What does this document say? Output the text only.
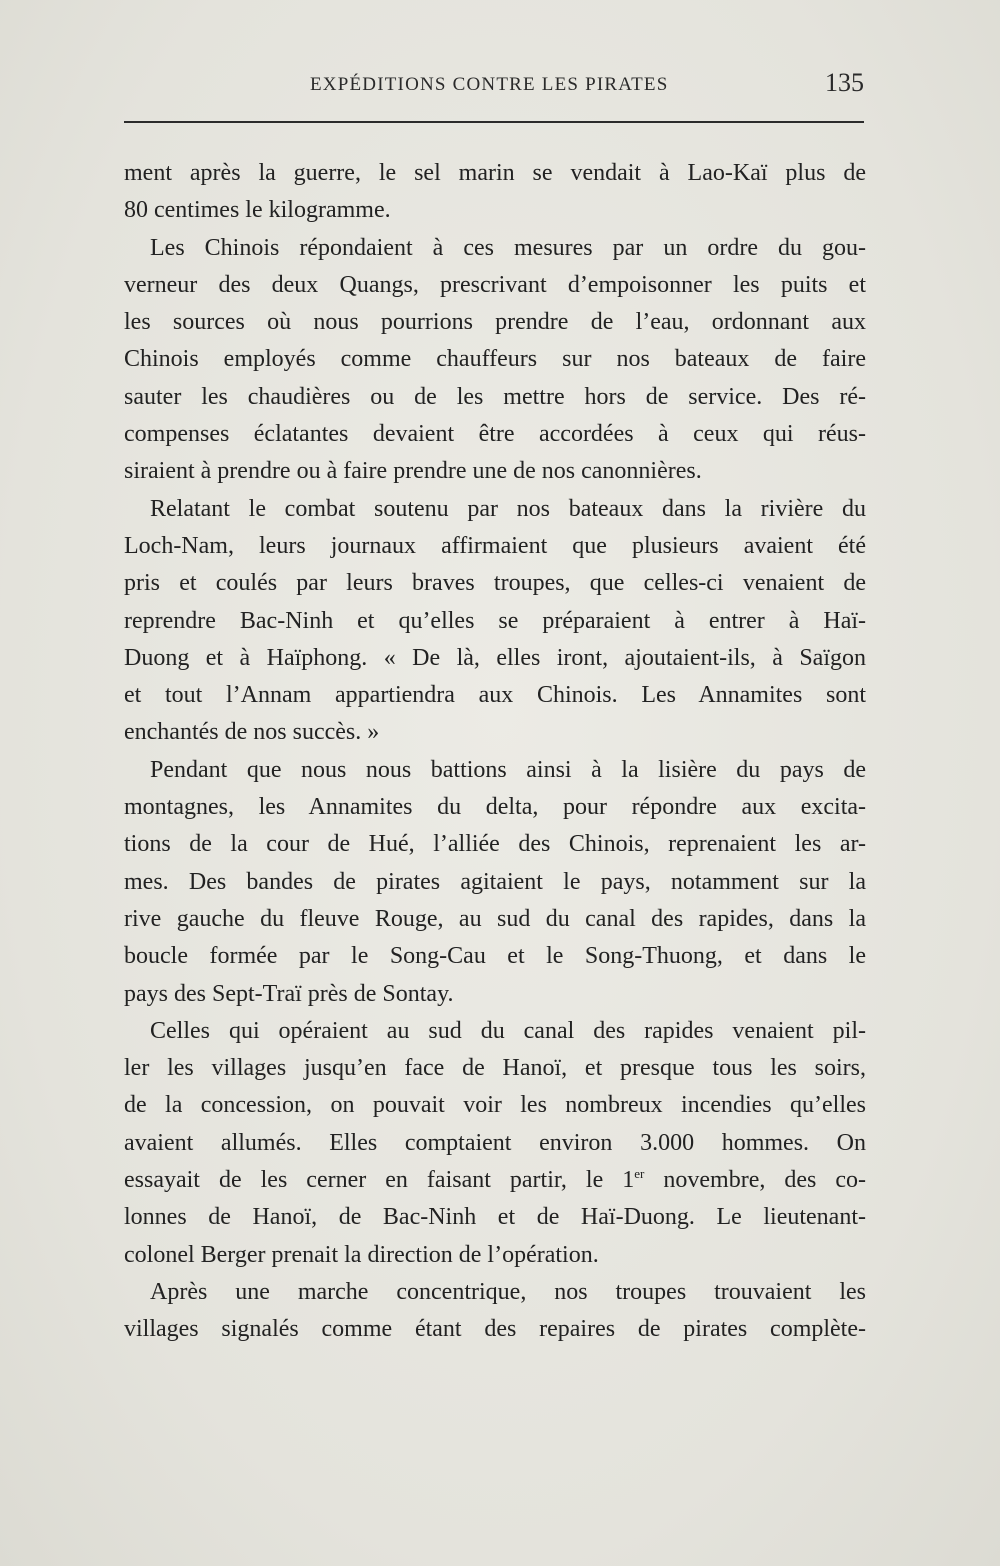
EXPÉDITIONS CONTRE LES PIRATES	135
ment après la guerre, le sel marin se vendait à Lao-Kaï plus de
80 centimes le kilogramme.
Les Chinois répondaient à ces mesures par un ordre du gou-
verneur des deux Quangs, prescrivant d’empoisonner les puits et
les sources où nous pourrions prendre de l’eau, ordonnant aux
Chinois employés comme chauffeurs sur nos bateaux de faire
sauter les chaudières ou de les mettre hors de service. Des ré-
compenses éclatantes devaient être accordées à ceux qui réus-
siraient à prendre ou à faire prendre une de nos canonnières.
Relatant le combat soutenu par nos bateaux dans la rivière du
Loch-Nam, leurs journaux affirmaient que plusieurs avaient été
pris et coulés par leurs braves troupes, que celles-ci venaient de
reprendre Bac-Ninh et qu’elles se préparaient à entrer à Haï-
Duong et à Haïphong. « De là, elles iront, ajoutaient-ils, à Saïgon
et tout l’Annam appartiendra aux Chinois. Les Annamites sont
enchantés de nos succès. »
Pendant que nous nous battions ainsi à la lisière du pays de
montagnes, les Annamites du delta, pour répondre aux excita-
tions de la cour de Hué, l’alliée des Chinois, reprenaient les ar-
mes. Des bandes de pirates agitaient le pays, notamment sur la
rive gauche du fleuve Rouge, au sud du canal des rapides, dans la
boucle formée par le Song-Cau et le Song-Thuong, et dans le
pays des Sept-Traï près de Sontay.
Celles qui opéraient au sud du canal des rapides venaient pil-
ler les villages jusqu’en face de Hanoï, et presque tous les soirs,
de la concession, on pouvait voir les nombreux incendies qu’elles
avaient allumés. Elles comptaient environ 3.000 hommes. On
essayait de les cerner en faisant partir, le 1er novembre, des co-
lonnes de Hanoï, de Bac-Ninh et de Haï-Duong. Le lieutenant-
colonel Berger prenait la direction de l’opération.
Après une marche concentrique, nos troupes trouvaient les
villages signalés comme étant des repaires de pirates complète-
